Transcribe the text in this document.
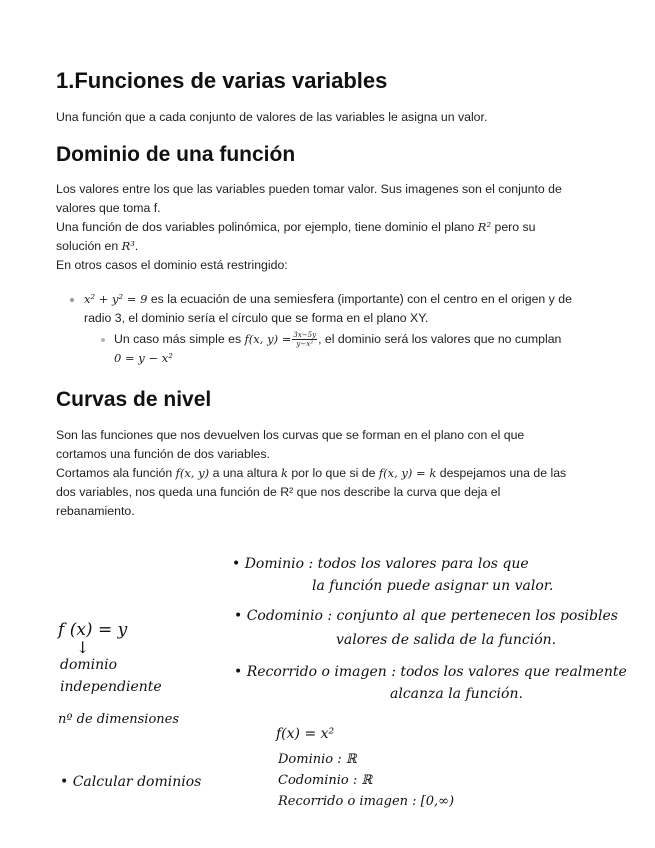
1.Funciones de varias variables

Una función que a cada conjunto de valores de las variables le asigna un valor.

Dominio de una función

Los valores entre los que las variables pueden tomar valor. Sus imagenes son el conjunto de

valores que toma f.

Una función de dos variables polinómica, por ejemplo, tiene dominio el plano R² pero su

solución en R³.

En otros casos el dominio está restringido:

x² + y² = 9 es la ecuación de una semiesfera (importante) con el centro en el origen y de
radio 3, el dominio sería el círculo que se forma en el plano XY.
Un caso más simple es f(x, $y) = \frac{3x-5y}{\text{y−x²}}$ , el dominio será los valores que no cumplan
0 = y − x²
Curvas de nivel

Son las funciones que nos devuelven los curvas que se forman en el plano con el que

cortamos una función de dos variables.

Cortamos ala función f(x, y) a una altura k por lo que si de f(x, y) = k despejamos una de las

dos variables, nos queda una función de R² que nos describe la curva que deja el

rebanamiento.

f (x) = y
↓
dominio
independiente
nº de dimensiones
• Calcular dominios
• Dominio : todos los valores para los que
la función puede asignar un valor.
• Codominio : conjunto al que pertenecen los posibles
valores de salida de la función.
• Recorrido o imagen : todos los valores que realmente
alcanza la función.
f(x) = x²
Dominio : ℝ
Codominio : ℝ
Recorrido o imagen : [0,∞)
